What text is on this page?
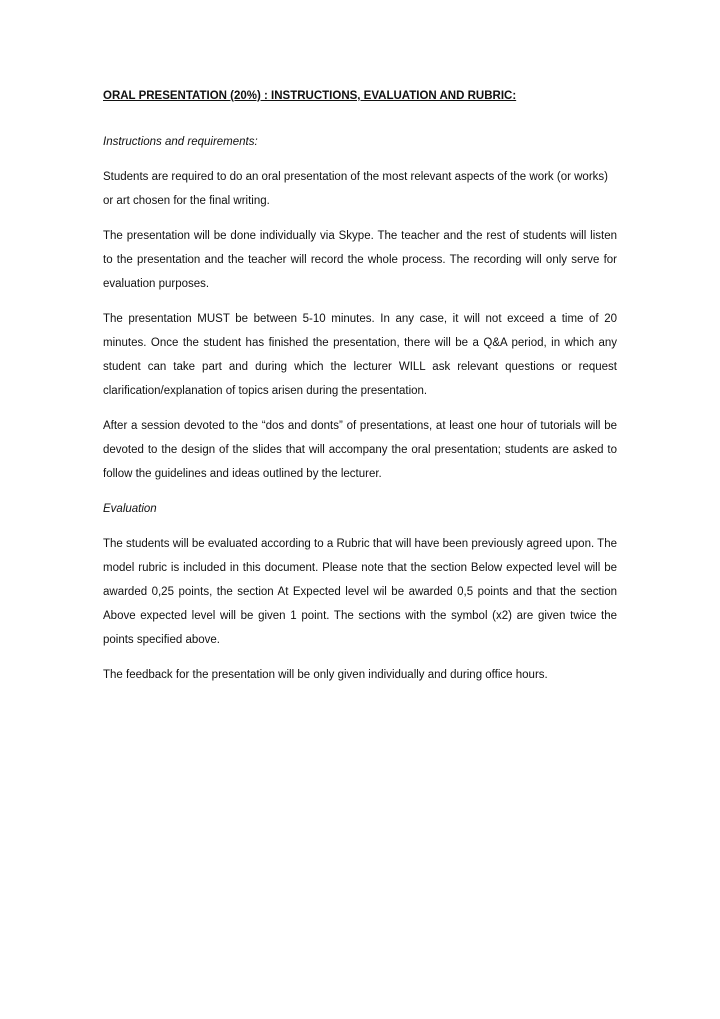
ORAL PRESENTATION (20%) : INSTRUCTIONS, EVALUATION AND RUBRIC:

Instructions and requirements:

Students are required to do an oral presentation of the most relevant aspects of the work (or works) or art chosen for the final writing.

The presentation will be done individually via Skype. The teacher and the rest of students will listen to the presentation and the teacher will record the whole process. The recording will only serve for evaluation purposes.

The presentation MUST be between 5-10 minutes. In any case, it will not exceed a time of 20 minutes. Once the student has finished the presentation, there will be a Q&A period, in which any student can take part and during which the lecturer WILL ask relevant questions or request clarification/explanation of topics arisen during the presentation.

After a session devoted to the “dos and donts” of presentations, at least one hour of tutorials will be devoted to the design of the slides that will accompany the oral presentation; students are asked to follow the guidelines and ideas outlined by the lecturer.

Evaluation

The students will be evaluated according to a Rubric that will have been previously agreed upon. The model rubric is included in this document. Please note that the section Below expected level will be awarded 0,25 points, the section At Expected level wil be awarded 0,5 points and that the section Above expected level will be given 1 point. The sections with the symbol (x2) are given twice the points specified above.

The feedback for the presentation will be only given individually and during office hours.
